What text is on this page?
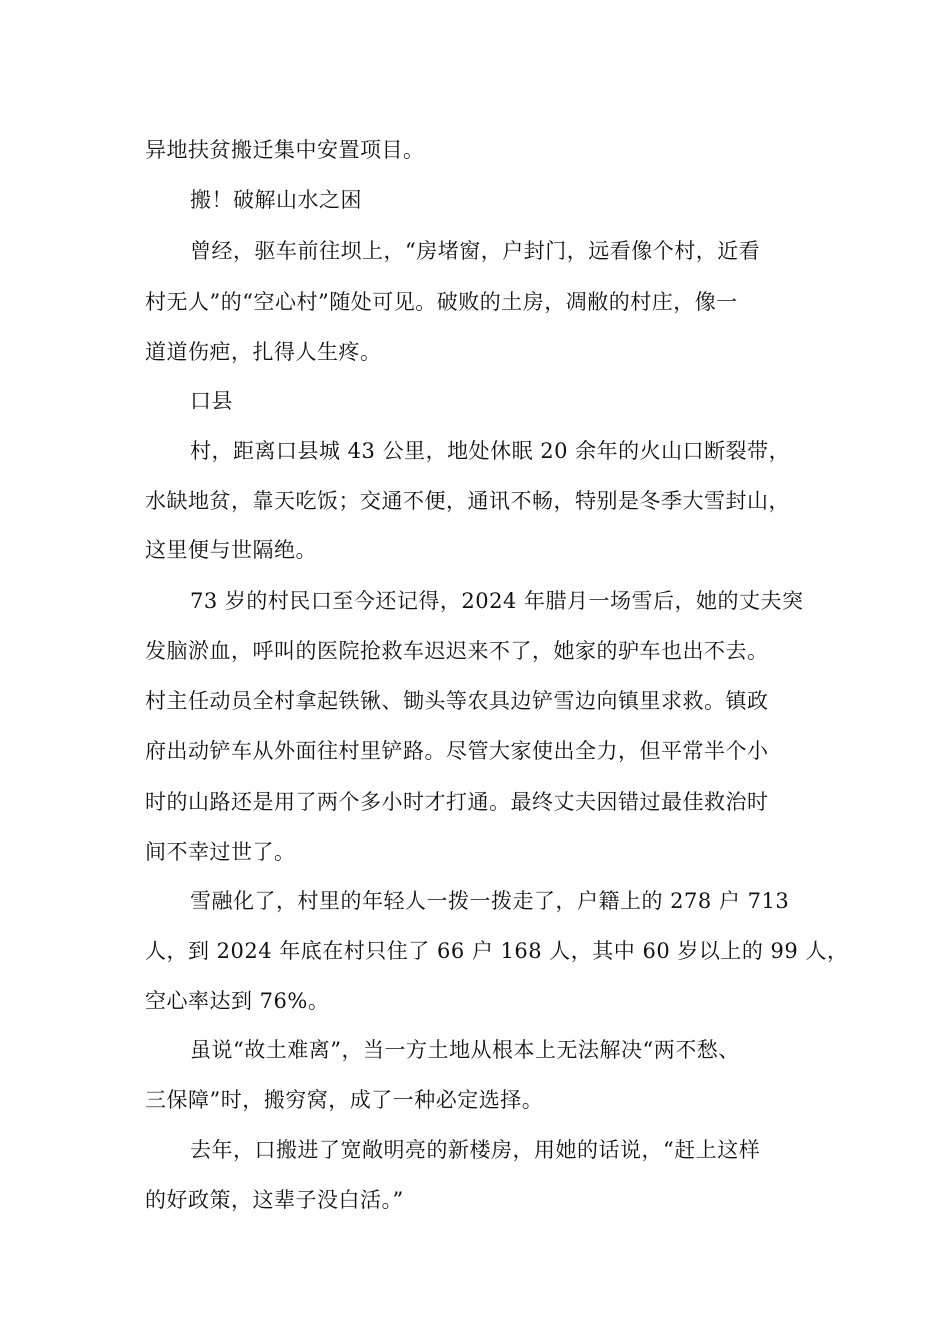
异地扶贫搬迁集中安置项目。
搬！破解山水之困
曾经，驱车前往坝上，“房堵窗，户封门，远看像个村，近看
村无人”的“空心村”随处可见。破败的土房，凋敝的村庄，像一
道道伤疤，扎得人生疼。
口县
村，距离口县城 43 公里，地处休眠 20 余年的火山口断裂带，
水缺地贫，靠天吃饭；交通不便，通讯不畅，特别是冬季大雪封山，
这里便与世隔绝。
73 岁的村民口至今还记得，2024 年腊月一场雪后，她的丈夫突
发脑淤血，呼叫的医院抢救车迟迟来不了，她家的驴车也出不去。
村主任动员全村拿起铁锹、锄头等农具边铲雪边向镇里求救。镇政
府出动铲车从外面往村里铲路。尽管大家使出全力，但平常半个小
时的山路还是用了两个多小时才打通。最终丈夫因错过最佳救治时
间不幸过世了。
雪融化了，村里的年轻人一拨一拨走了，户籍上的 278 户 713
人，到 2024 年底在村只住了 66 户 168 人，其中 60 岁以上的 99 人，
空心率达到 76%。
虽说“故土难离”，当一方土地从根本上无法解决“两不愁、
三保障”时，搬穷窝，成了一种必定选择。
去年，口搬进了宽敞明亮的新楼房，用她的话说，“赶上这样
的好政策，这辈子没白活。”
